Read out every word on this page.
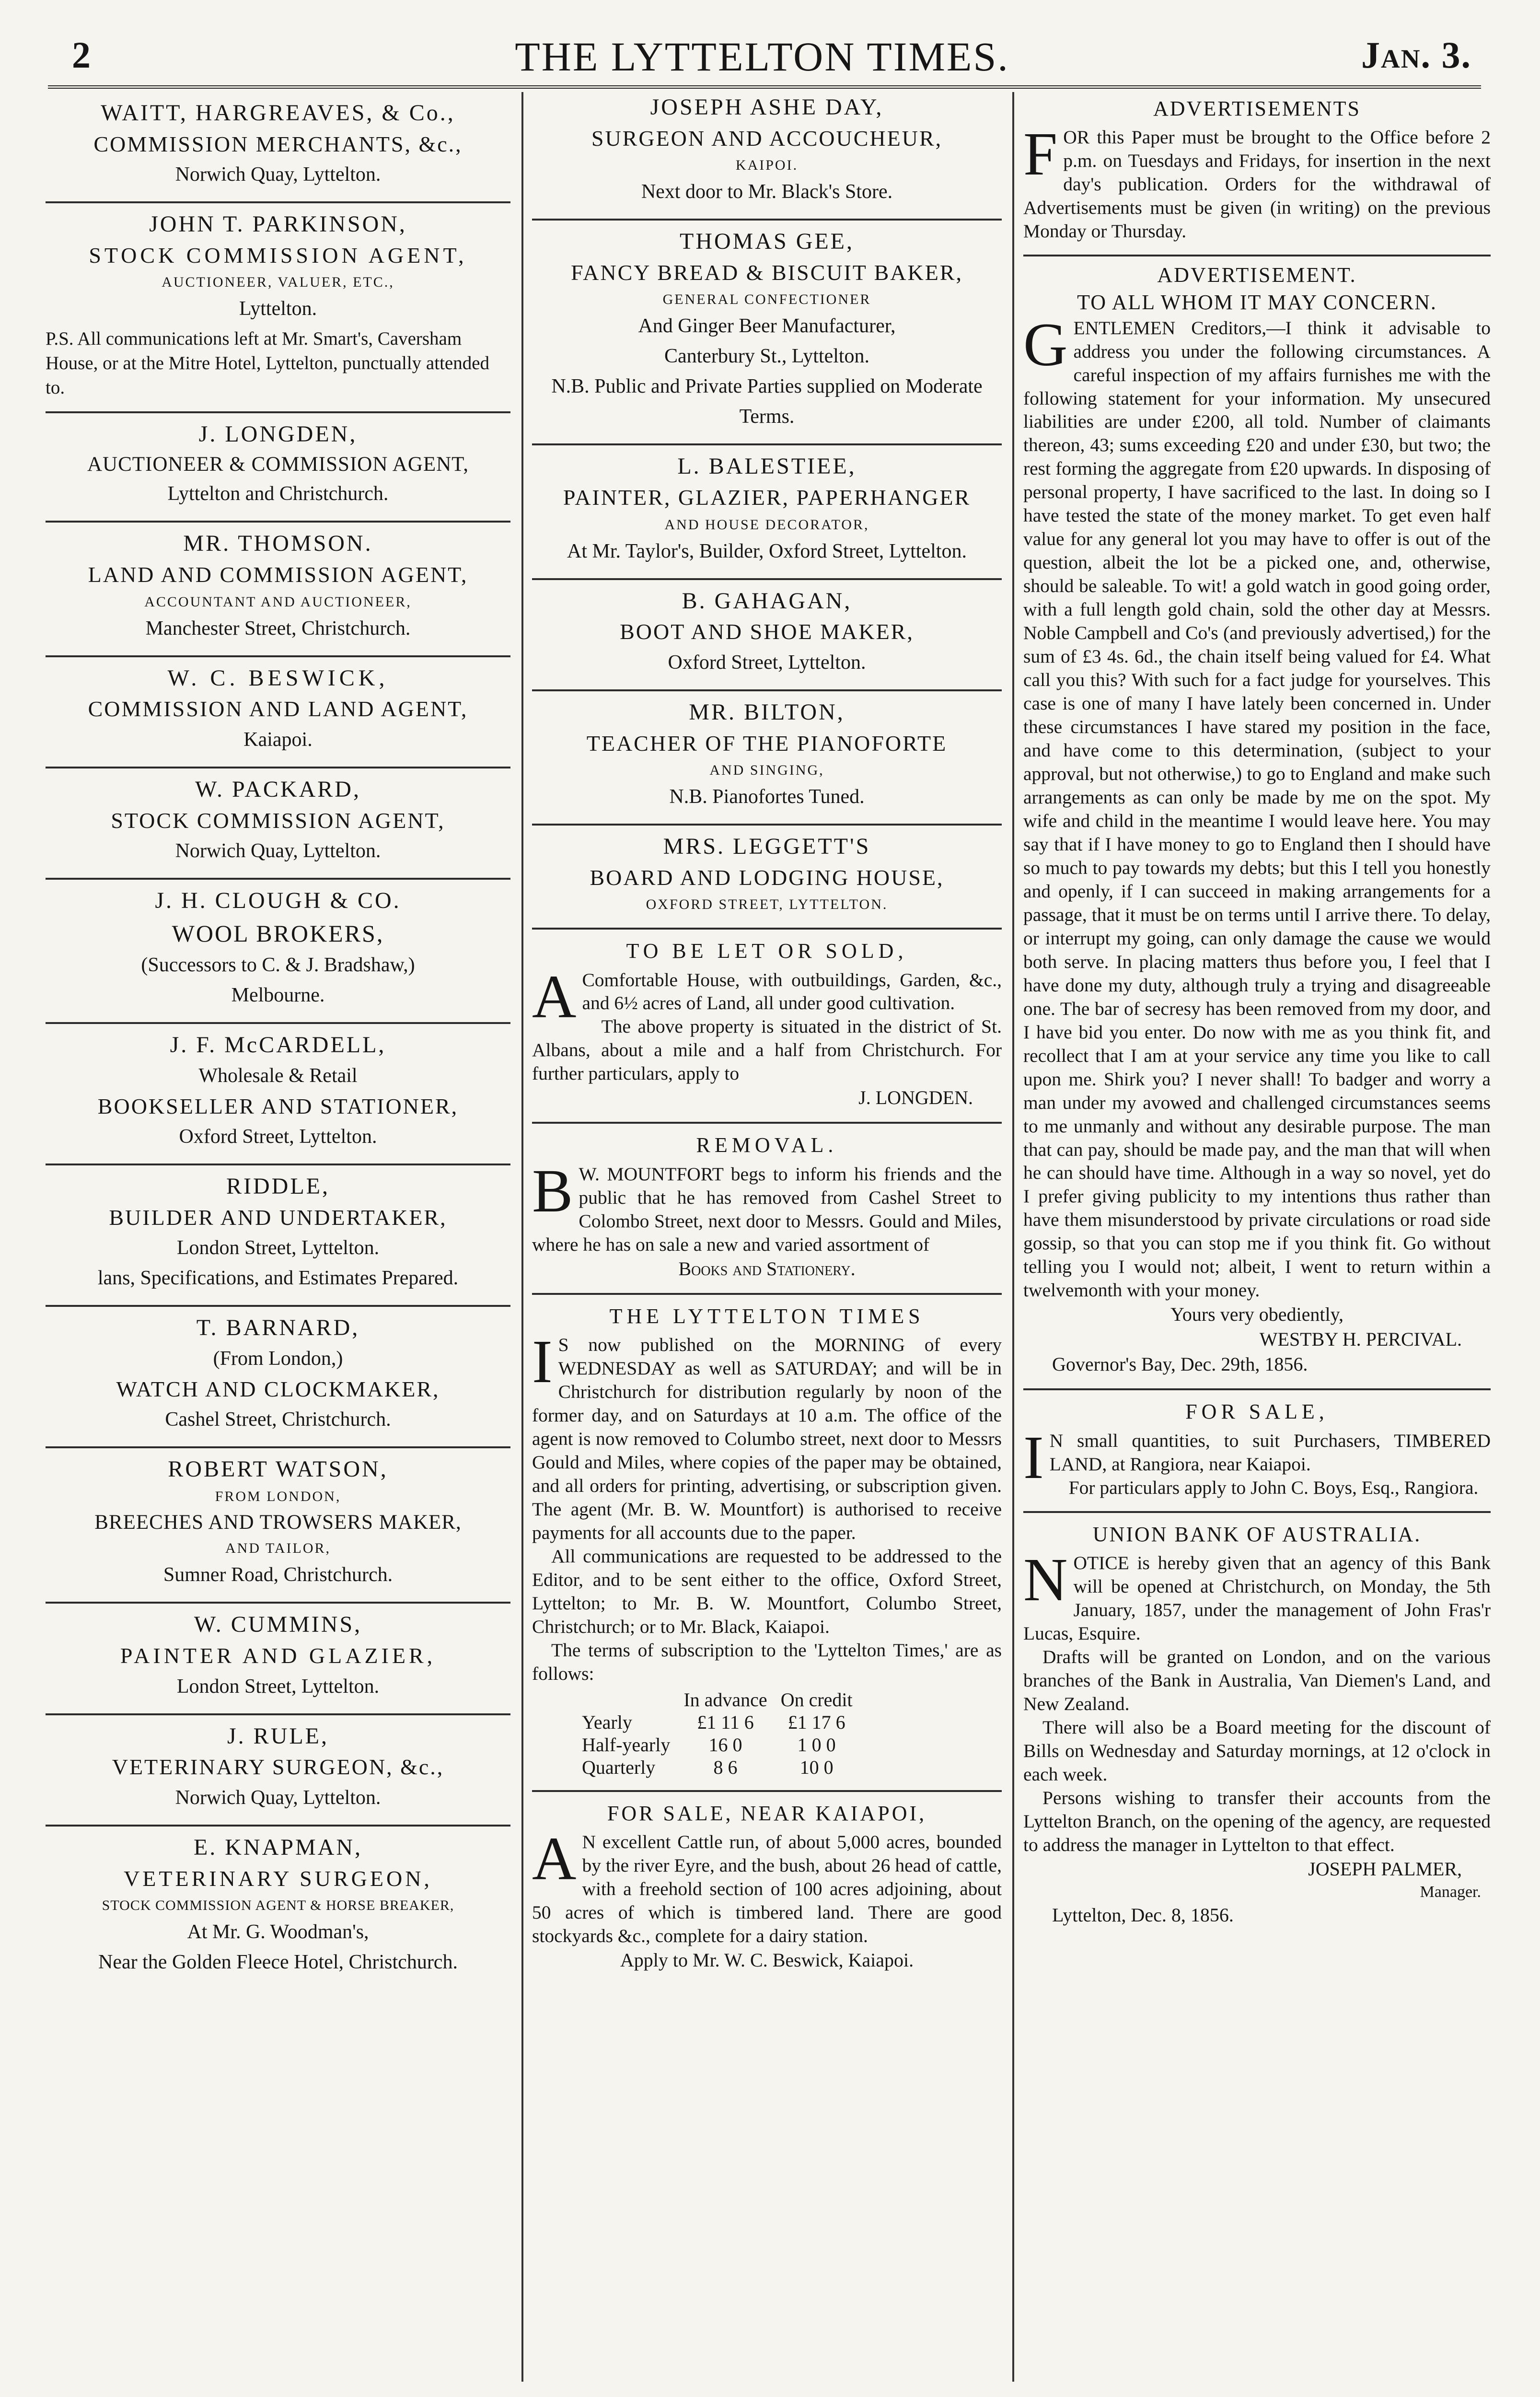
2	THE LYTTELTON TIMES.	Jan. 3.
WAITT, HARGREAVES, & Co.,
COMMISSION MERCHANTS, &c.,
Norwich Quay, Lyttelton.
JOHN T. PARKINSON,
STOCK COMMISSION AGENT,
AUCTIONEER, VALUER, ETC.,
Lyttelton.
P.S. All communications left at Mr. Smart's, Caversham House, or at the Mitre Hotel, Lyttelton, punctually attended to.
J. LONGDEN,
AUCTIONEER & COMMISSION AGENT,
Lyttelton and Christchurch.
MR. THOMSON.
LAND AND COMMISSION AGENT,
ACCOUNTANT AND AUCTIONEER,
Manchester Street, Christchurch.
W. C. BESWICK,
COMMISSION AND LAND AGENT,
Kaiapoi.
W. PACKARD,
STOCK COMMISSION AGENT,
Norwich Quay, Lyttelton.
J. H. CLOUGH & CO.
WOOL BROKERS,
(Successors to C. & J. Bradshaw,)
Melbourne.
J. F. McCARDELL,
Wholesale & Retail
BOOKSELLER AND STATIONER,
Oxford Street, Lyttelton.
RIDDLE,
BUILDER AND UNDERTAKER,
London Street, Lyttelton.
lans, Specifications, and Estimates Prepared.
T. BARNARD,
(From London,)
WATCH AND CLOCKMAKER,
Cashel Street, Christchurch.
ROBERT WATSON,
FROM LONDON,
BREECHES AND TROWSERS MAKER,
AND TAILOR,
Sumner Road, Christchurch.
W. CUMMINS,
PAINTER AND GLAZIER,
London Street, Lyttelton.
J. RULE,
VETERINARY SURGEON, &c.,
Norwich Quay, Lyttelton.
E. KNAPMAN,
VETERINARY SURGEON,
STOCK COMMISSION AGENT & HORSE BREAKER,
At Mr. G. Woodman's,
Near the Golden Fleece Hotel, Christchurch.
JOSEPH ASHE DAY,
SURGEON AND ACCOUCHEUR,
KAIPOI.
Next door to Mr. Black's Store.
THOMAS GEE,
FANCY BREAD & BISCUIT BAKER,
GENERAL CONFECTIONER
And Ginger Beer Manufacturer,
Canterbury St., Lyttelton.
N.B. Public and Private Parties supplied on Moderate Terms.
L. BALESTIEE,
PAINTER, GLAZIER, PAPERHANGER
AND HOUSE DECORATOR,
At Mr. Taylor's, Builder, Oxford Street, Lyttelton.
B. GAHAGAN,
BOOT AND SHOE MAKER,
Oxford Street, Lyttelton.
MR. BILTON,
TEACHER OF THE PIANOFORTE
AND SINGING,
N.B. Pianofortes Tuned.
MRS. LEGGETT'S
BOARD AND LODGING HOUSE,
OXFORD STREET, LYTTELTON.
TO BE LET OR SOLD,

A Comfortable House, with outbuildings, Garden, &c., and 6½ acres of Land, all under good cultivation.

The above property is situated in the district of St. Albans, about a mile and a half from Christchurch. For further particulars, apply to

J. LONGDEN.
REMOVAL.

B W. MOUNTFORT begs to inform his friends and the public that he has removed from Cashel Street to Colombo Street, next door to Messrs. Gould and Miles, where he has on sale a new and varied assortment of

Books and Stationery.
THE LYTTELTON TIMES

I S now published on the MORNING of every WEDNESDAY as well as SATURDAY; and will be in Christchurch for distribution regularly by noon of the former day, and on Saturdays at 10 a.m. The office of the agent is now removed to Columbo street, next door to Messrs Gould and Miles, where copies of the paper may be obtained, and all orders for printing, advertising, or subscription given. The agent (Mr. B. W. Mountfort) is authorised to receive payments for all accounts due to the paper.

All communications are requested to be addressed to the Editor, and to be sent either to the office, Oxford Street, Lyttelton; to Mr. B. W. Mountfort, Columbo Street, Christchurch; or to Mr. Black, Kaiapoi.

The terms of subscription to the 'Lyttelton Times,' are as follows:

	In advance	On credit
Yearly	£1 11 6	£1 17 6
Half-yearly	16 0	1 0 0
Quarterly	8 6	10 0
FOR SALE, NEAR KAIAPOI,

A N excellent Cattle run, of about 5,000 acres, bounded by the river Eyre, and the bush, about 26 head of cattle, with a freehold section of 100 acres adjoining, about 50 acres of which is timbered land. There are good stockyards &c., complete for a dairy station.

Apply to Mr. W. C. Beswick, Kaiapoi.
ADVERTISEMENTS

FOR this Paper must be brought to the Office before 2 p.m. on Tuesdays and Fridays, for insertion in the next day's publication. Orders for the withdrawal of Advertisements must be given (in writing) on the previous Monday or Thursday.

ADVERTISEMENT.
TO ALL WHOM IT MAY CONCERN.

GENTLEMEN Creditors,—I think it advisable to address you under the following circumstances. A careful inspection of my affairs furnishes me with the following statement for your information. My unsecured liabilities are under £200, all told. Number of claimants thereon, 43; sums exceeding £20 and under £30, but two; the rest forming the aggregate from £20 upwards. In disposing of personal property, I have sacrificed to the last. In doing so I have tested the state of the money market. To get even half value for any general lot you may have to offer is out of the question, albeit the lot be a picked one, and, otherwise, should be saleable. To wit! a gold watch in good going order, with a full length gold chain, sold the other day at Messrs. Noble Campbell and Co's (and previously advertised,) for the sum of £3 4s. 6d., the chain itself being valued for £4. What call you this? With such for a fact judge for yourselves. This case is one of many I have lately been concerned in. Under these circumstances I have stared my position in the face, and have come to this determination, (subject to your approval, but not otherwise,) to go to England and make such arrangements as can only be made by me on the spot. My wife and child in the meantime I would leave here. You may say that if I have money to go to England then I should have so much to pay towards my debts; but this I tell you honestly and openly, if I can succeed in making arrangements for a passage, that it must be on terms until I arrive there. To delay, or interrupt my going, can only damage the cause we would both serve. In placing matters thus before you, I feel that I have done my duty, although truly a trying and disagreeable one. The bar of secresy has been removed from my door, and I have bid you enter. Do now with me as you think fit, and recollect that I am at your service any time you like to call upon me. Shirk you? I never shall! To badger and worry a man under my avowed and challenged circumstances seems to me unmanly and without any desirable purpose. The man that can pay, should be made pay, and the man that will when he can should have time. Although in a way so novel, yet do I prefer giving publicity to my intentions thus rather than have them misunderstood by private circulations or road side gossip, so that you can stop me if you think fit. Go without telling you I would not; albeit, I went to return within a twelvemonth with your money.

Yours very obediently,
WESTBY H. PERCIVAL.
Governor's Bay, Dec. 29th, 1856.
FOR SALE,

I N small quantities, to suit Purchasers, TIMBERED LAND, at Rangiora, near Kaiapoi.

For particulars apply to John C. Boys, Esq., Rangiora.

UNION BANK OF AUSTRALIA.

NOTICE is hereby given that an agency of this Bank will be opened at Christchurch, on Monday, the 5th January, 1857, under the management of John Fras'r Lucas, Esquire.

Drafts will be granted on London, and on the various branches of the Bank in Australia, Van Diemen's Land, and New Zealand.

There will also be a Board meeting for the discount of Bills on Wednesday and Saturday mornings, at 12 o'clock in each week.

Persons wishing to transfer their accounts from the Lyttelton Branch, on the opening of the agency, are requested to address the manager in Lyttelton to that effect.

JOSEPH PALMER,
Manager.
Lyttelton, Dec. 8, 1856.
